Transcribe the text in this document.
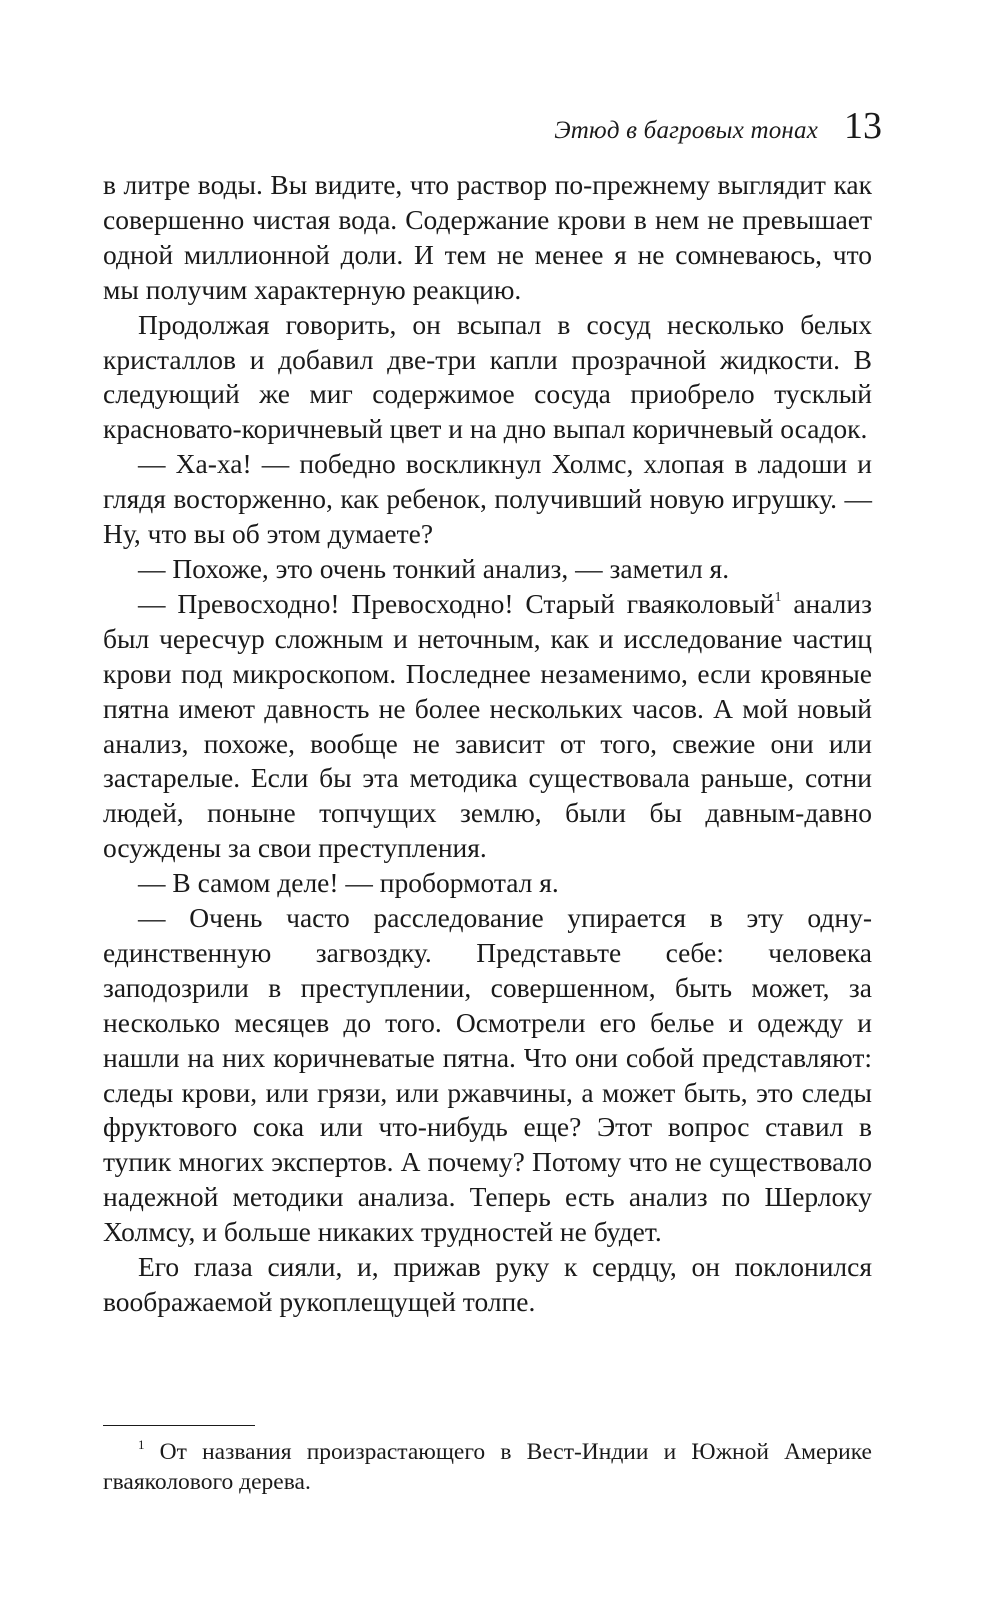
Этюд в багровых тонах 13

в литре воды. Вы видите, что раствор по-прежнему выглядит как совершенно чистая вода. Содержание крови в нем не превышает одной миллионной доли. И тем не менее я не сомневаюсь, что мы получим характерную реакцию.

Продолжая говорить, он всыпал в сосуд несколько белых кристаллов и добавил две-три капли прозрачной жидкости. В следующий же миг содержимое сосуда приобрело тусклый красновато-коричневый цвет и на дно выпал коричневый осадок.

— Ха-ха! — победно воскликнул Холмс, хлопая в ладоши и глядя восторженно, как ребенок, получивший новую игрушку. — Ну, что вы об этом думаете?

— Похоже, это очень тонкий анализ, — заметил я.

— Превосходно! Превосходно! Старый гваяколовый$^1$ анализ был чересчур сложным и неточным, как и исследование частиц крови под микроскопом. Последнее незаменимо, если кровяные пятна имеют давность не более нескольких часов. А мой новый анализ, похоже, вообще не зависит от того, свежие они или застарелые. Если бы эта методика существовала раньше, сотни людей, поныне топчущих землю, были бы давным-давно осуждены за свои преступления.

— В самом деле! — пробормотал я.

— Очень часто расследование упирается в эту одну-единственную загвоздку. Представьте себе: человека заподозрили в преступлении, совершенном, быть может, за несколько месяцев до того. Осмотрели его белье и одежду и нашли на них коричневатые пятна. Что они собой представляют: следы крови, или грязи, или ржавчины, а может быть, это следы фруктового сока или что-нибудь еще? Этот вопрос ставил в тупик многих экспертов. А почему? Потому что не существовало надежной методики анализа. Теперь есть анализ по Шерлоку Холмсу, и больше никаких трудностей не будет.

Его глаза сияли, и, прижав руку к сердцу, он поклонился воображаемой рукоплещущей толпе.

$^1$ От названия произрастающего в Вест-Индии и Южной Америке гваяколового дерева.
